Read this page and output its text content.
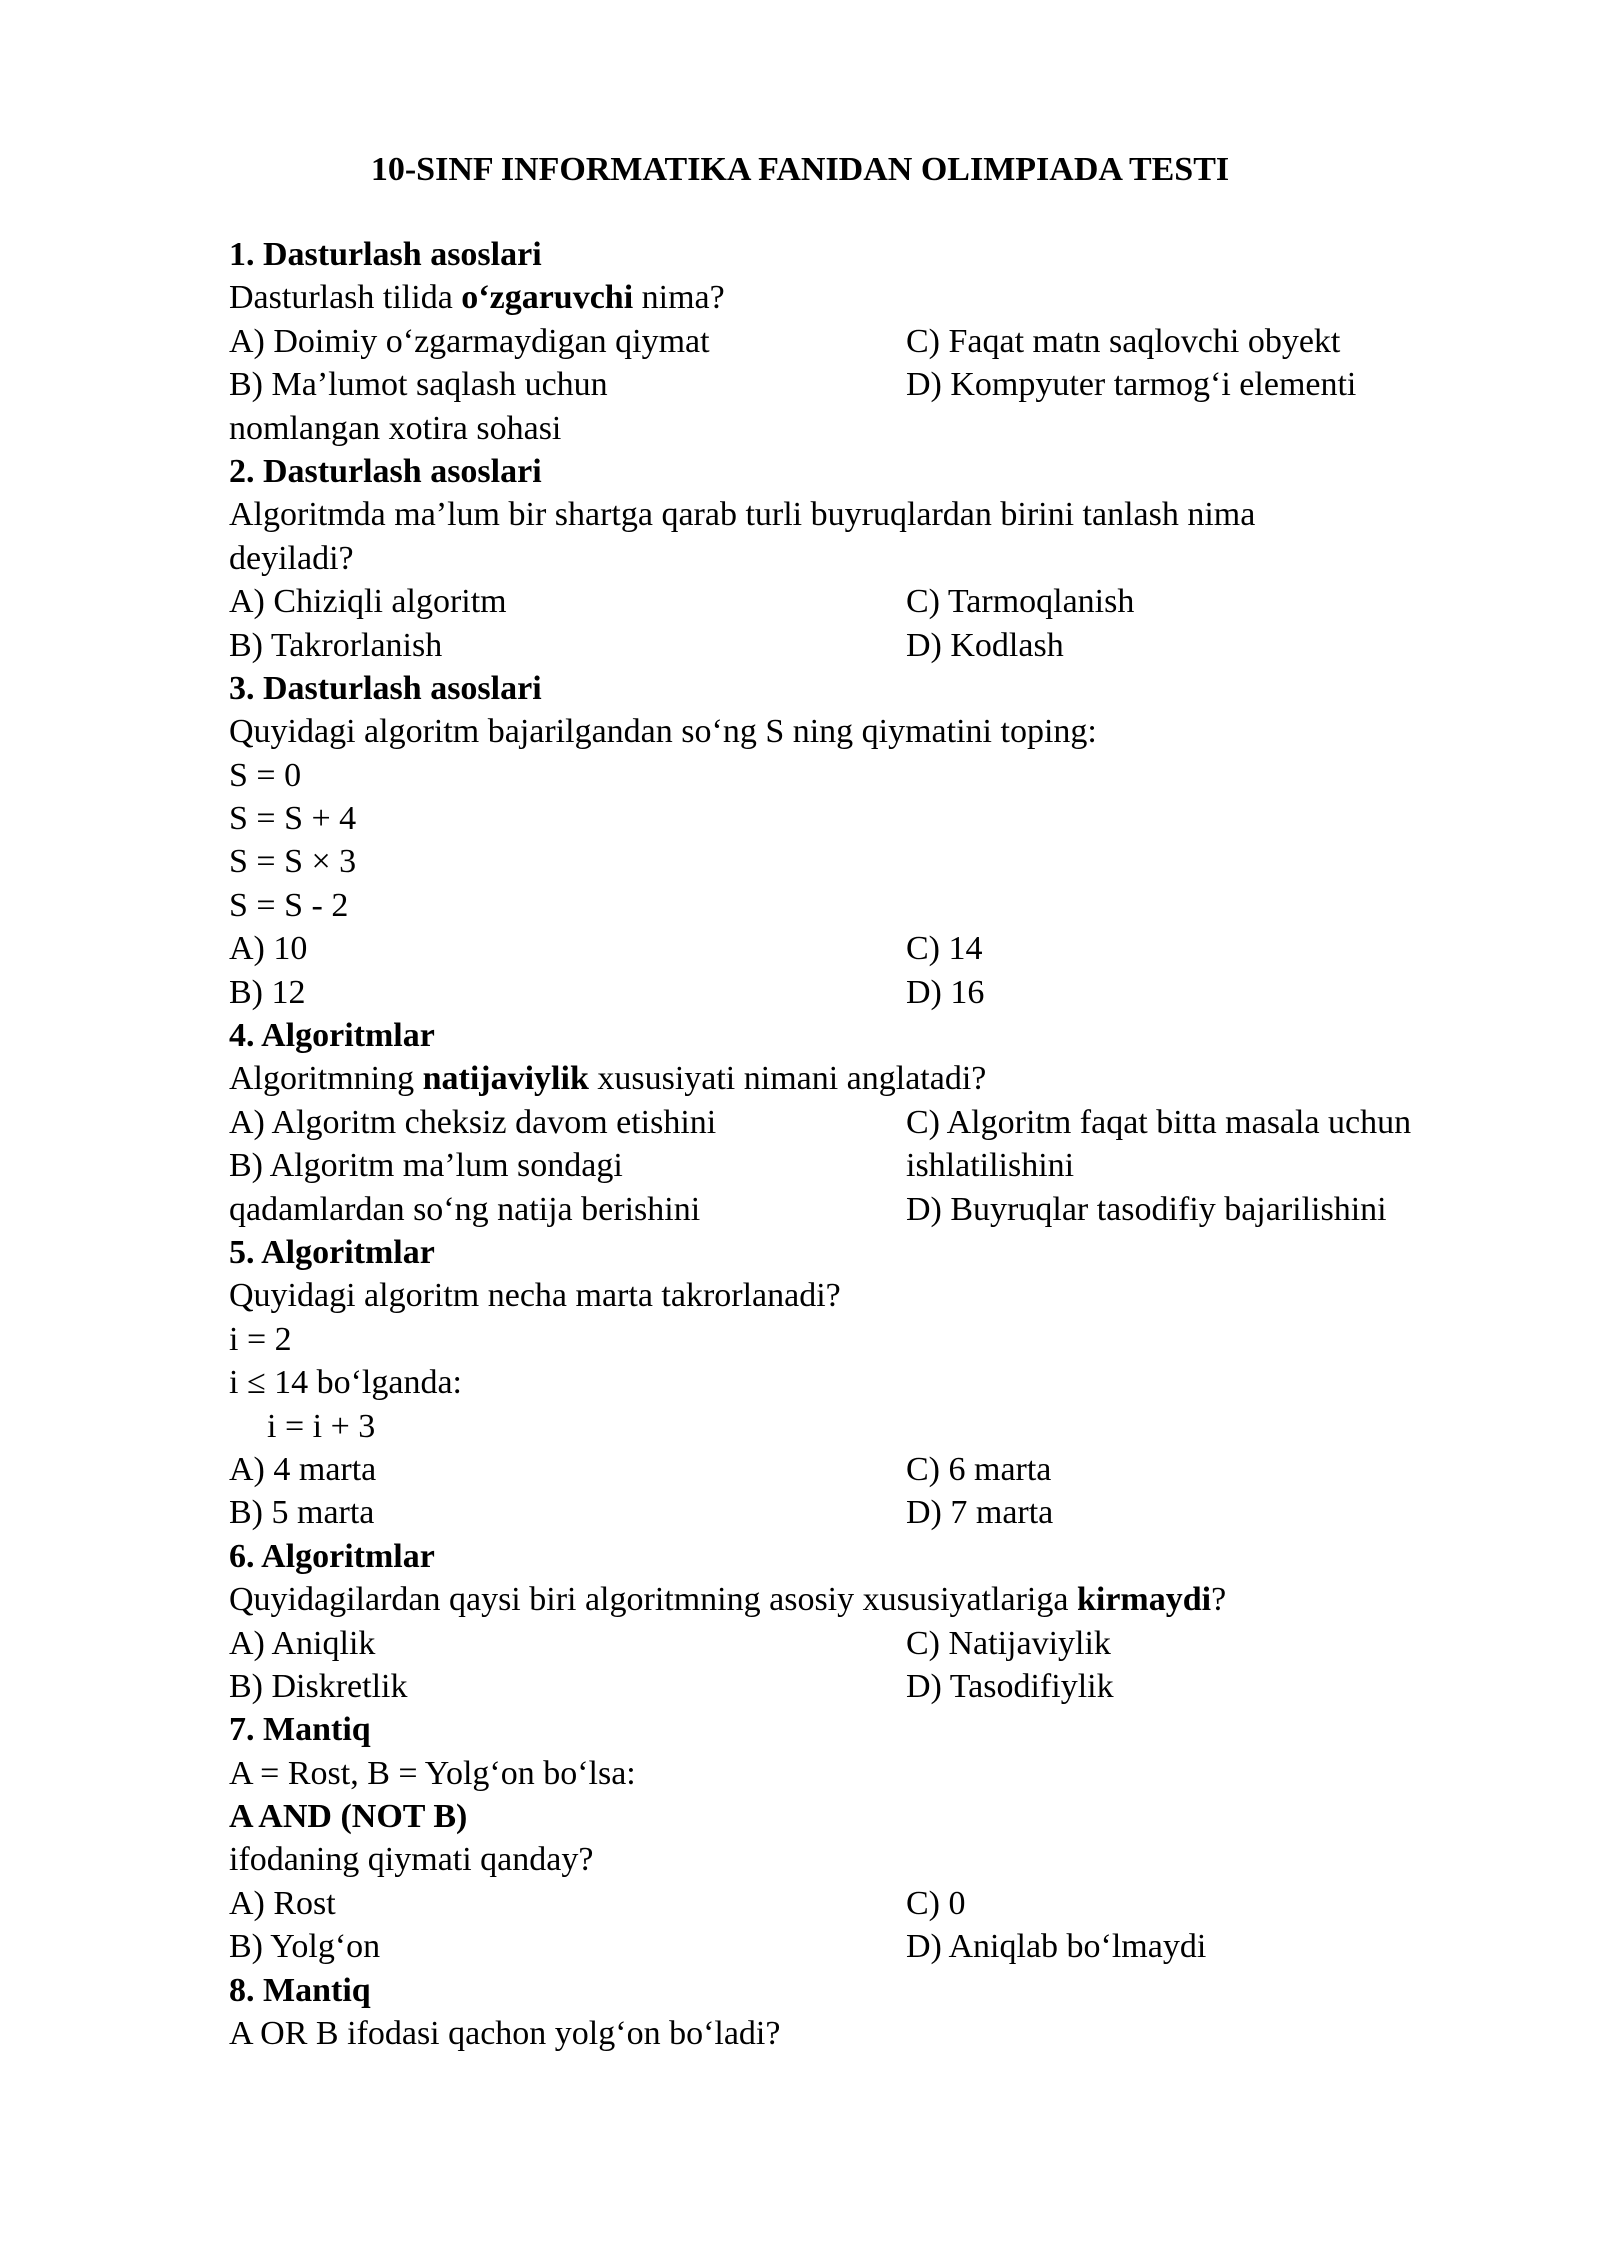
10-SINF INFORMATIKA FANIDAN OLIMPIADA TESTI
1. Dasturlash asoslari
Dasturlash tilida o‘zgaruvchi nima?
A) Doimiy o‘zgarmaydigan qiymat
B) Ma’lumot saqlash uchun
nomlangan xotira sohasi
C) Faqat matn saqlovchi obyekt
D) Kompyuter tarmog‘i elementi
2. Dasturlash asoslari
Algoritmda ma’lum bir shartga qarab turli buyruqlardan birini tanlash nima
deyiladi?
A) Chiziqli algoritm
B) Takrorlanish
C) Tarmoqlanish
D) Kodlash
3. Dasturlash asoslari
Quyidagi algoritm bajarilgandan so‘ng S ning qiymatini toping:
S = 0
S = S + 4
S = S × 3
S = S - 2
A) 10
B) 12
C) 14
D) 16
4. Algoritmlar
Algoritmning natijaviylik xususiyati nimani anglatadi?
A) Algoritm cheksiz davom etishini
B) Algoritm ma’lum sondagi
qadamlardan so‘ng natija berishini
C) Algoritm faqat bitta masala uchun
ishlatilishini
D) Buyruqlar tasodifiy bajarilishini
5. Algoritmlar
Quyidagi algoritm necha marta takrorlanadi?
i = 2
i ≤ 14 bo‘lganda:
i = i + 3
A) 4 marta
B) 5 marta
C) 6 marta
D) 7 marta
6. Algoritmlar
Quyidagilardan qaysi biri algoritmning asosiy xususiyatlariga kirmaydi?
A) Aniqlik
B) Diskretlik
C) Natijaviylik
D) Tasodifiylik
7. Mantiq
A = Rost, B = Yolg‘on bo‘lsa:
A AND (NOT B)
ifodaning qiymati qanday?
A) Rost
B) Yolg‘on
C) 0
D) Aniqlab bo‘lmaydi
8. Mantiq
A OR B ifodasi qachon yolg‘on bo‘ladi?
